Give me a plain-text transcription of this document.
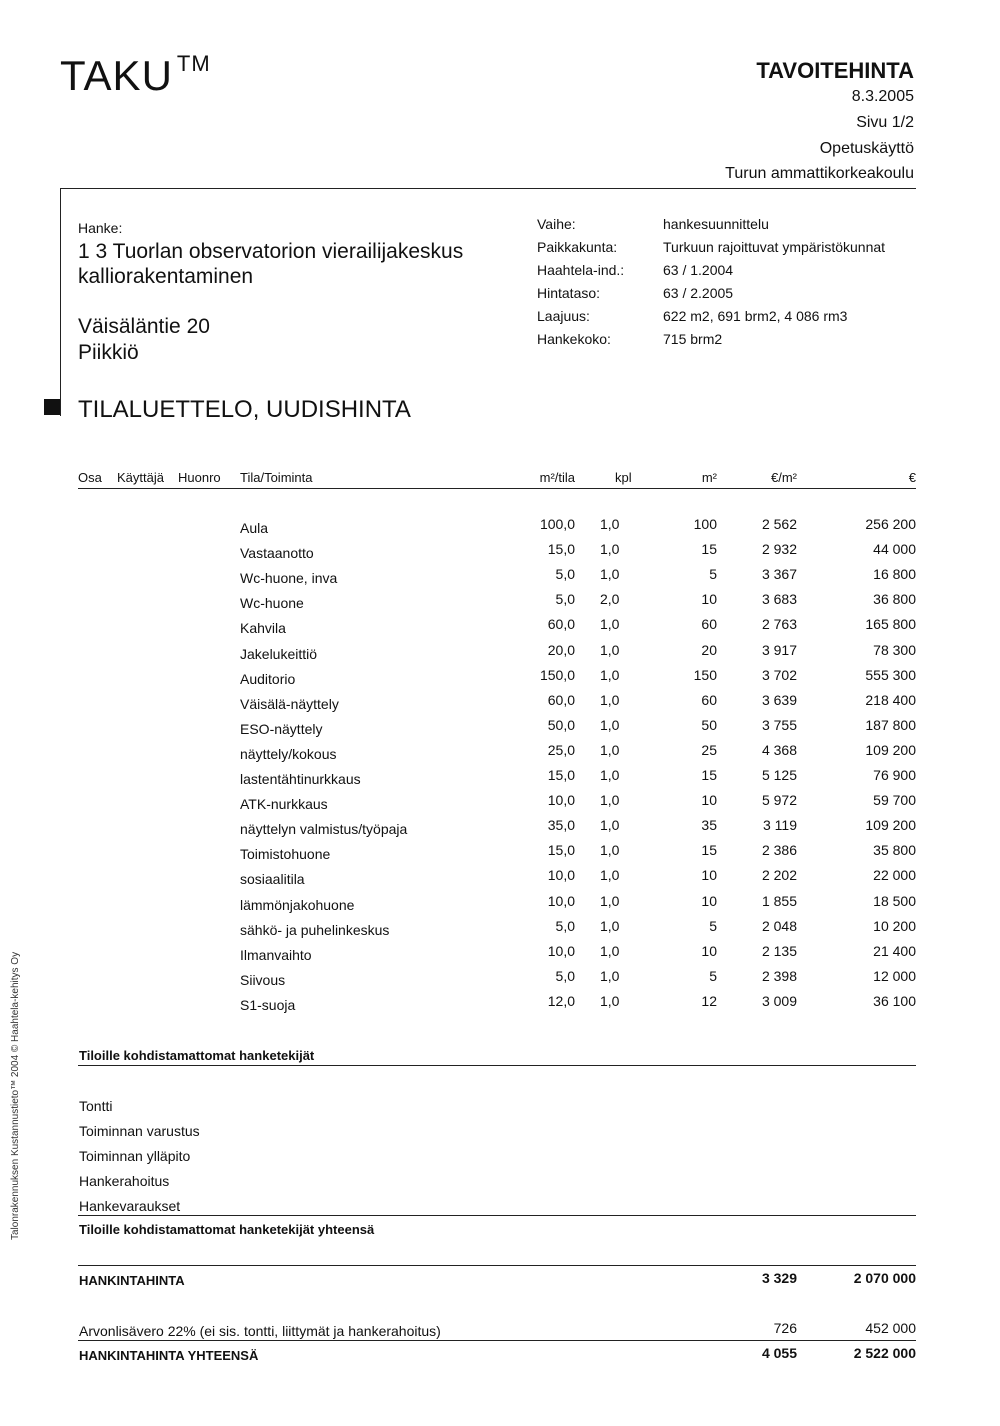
TAKU ™	TAVOITEHINTA
8.3.2005
Sivu 1/2
Opetuskäyttö
Turun ammattikorkeakoulu
Hanke:
1 3 Tuorlan observatorion vierailijakeskus
kalliorakentaminen
Väisäläntie 20
Piikkiö
Vaihe:	hankesuunnittelu
Paikkakunta:	Turkuun rajoittuvat ympäristökunnat
Haahtela-ind.:	63 / 1.2004
Hintataso:	63 / 2.2005
Laajuus:	622 m2, 691 brm2, 4 086 rm3
Hankekoko:	715 brm2
TILALUETTELO, UUDISHINTA
Osa Käyttäjä Huonro Tila/Toiminta	m²/tila	kpl	m²	€/m²	€
Aula	100,0 1,0	100	2 562	256 200
Vastaanotto	15,0 1,0	15	2 932	44 000
Wc-huone, inva	5,0 1,0	5	3 367	16 800
Wc-huone	5,0 2,0	10	3 683	36 800
Kahvila	60,0 1,0	60	2 763	165 800
Jakelukeittiö	20,0 1,0	20	3 917	78 300
Auditorio	150,0 1,0	150	3 702	555 300
Väisälä-näyttely	60,0 1,0	60	3 639	218 400
ESO-näyttely	50,0 1,0	50	3 755	187 800
näyttely/kokous	25,0 1,0	25	4 368	109 200
lastentähtinurkkaus	15,0 1,0	15	5 125	76 900
ATK-nurkkaus	10,0 1,0	10	5 972	59 700
näyttelyn valmistus/työpaja	35,0 1,0	35	3 119	109 200
Toimistohuone	15,0 1,0	15	2 386	35 800
sosiaalitila	10,0 1,0	10	2 202	22 000
lämmönjakohuone	10,0 1,0	10	1 855	18 500
sähkö- ja puhelinkeskus	5,0 1,0	5	2 048	10 200
Ilmanvaihto	10,0 1,0	10	2 135	21 400
Siivous	5,0 1,0	5	2 398	12 000
S1-suoja	12,0 1,0	12	3 009	36 100
Tiloille kohdistamattomat hanketekijät
Tontti
Toiminnan varustus
Toiminnan ylläpito
Hankerahoitus
Hankevaraukset
Tiloille kohdistamattomat hanketekijät yhteensä
HANKINTAHINTA	3 329	2 070 000
Arvonlisävero 22% (ei sis. tontti, liittymät ja hankerahoitus)	726	452 000
HANKINTAHINTA YHTEENSÄ	4 055	2 522 000
Talonrakennuksen Kustannustieto™ 2004 © Haahtela-kehitys Oy
